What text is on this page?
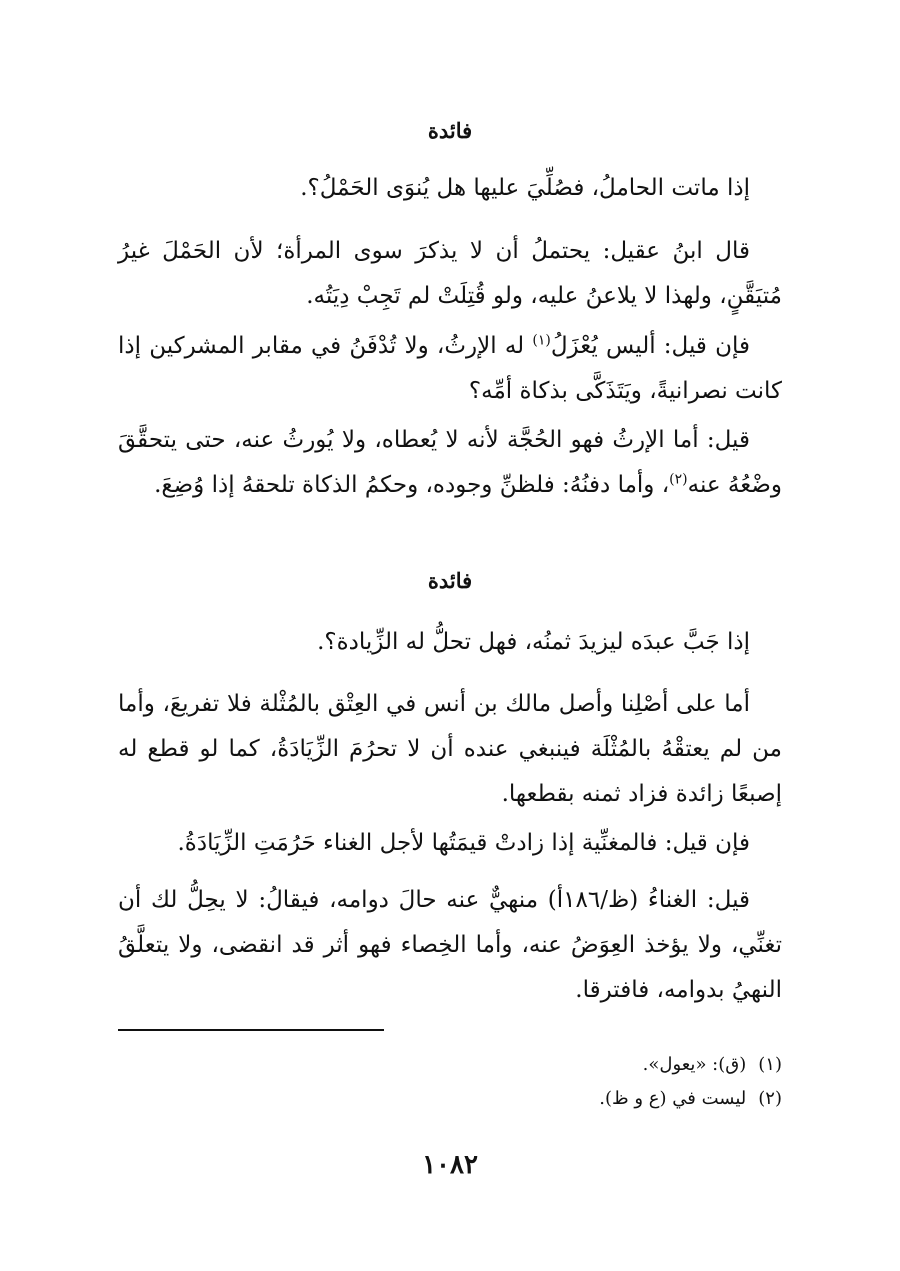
فائدة
إذا ماتت الحاملُ، فصُلِّيَ عليها هل يُنوَى الحَمْلُ؟.
قال ابنُ عقيل: يحتملُ أن لا يذكرَ سوى المرأة؛ لأن الحَمْلَ غيرُ مُتيَقَّنٍ، ولهذا لا يلاعنُ عليه، ولو قُتِلَتْ لم تَجِبْ دِيَتُه.
فإن قيل: أليس يُعْزَلُ$^{(١)}$ له الإرثُ، ولا تُدْفَنُ في مقابر المشركين إذا كانت نصرانيةً، ويَتَذَكَّى بذكاة أمِّه؟
قيل: أما الإرثُ فهو الحُجَّة لأنه لا يُعطاه، ولا يُورثُ عنه، حتى يتحقَّقَ وضْعُهُ عنه$^{(٢)}$، وأما دفنُهُ: فلظنِّ وجوده، وحكمُ الذكاة تلحقهُ إذا وُضِعَ.
فائدة
إذا جَبَّ عبدَه ليزيدَ ثمنُه، فهل تحلُّ له الزِّيادة؟.
أما على أصْلِنا وأصل مالك بن أنس في العِتْق بالمُثْلة فلا تفريعَ، وأما من لم يعتقْهُ بالمُثْلَة فينبغي عنده أن لا تحرُمَ الزِّيَادَةُ، كما لو قطع له إصبعًا زائدة فزاد ثمنه بقطعها.
فإن قيل: فالمغنِّية إذا زادتْ قيمَتُها لأجل الغناء حَرُمَتِ الزِّيَادَةُ.
قيل: الغناءُ (ظ/١٨٦أ) منهيٌّ عنه حالَ دوامه، فيقالُ: لا يحِلُّ لك أن تغنِّي، ولا يؤخذ العِوَضُ عنه، وأما الخِصاء فهو أثر قد انقضى، ولا يتعلَّقُ النهيُ بدوامه، فافترقا.
(١)(ق): «يعول».
(٢)ليست في (ع و ظ).
١٠٨٢
